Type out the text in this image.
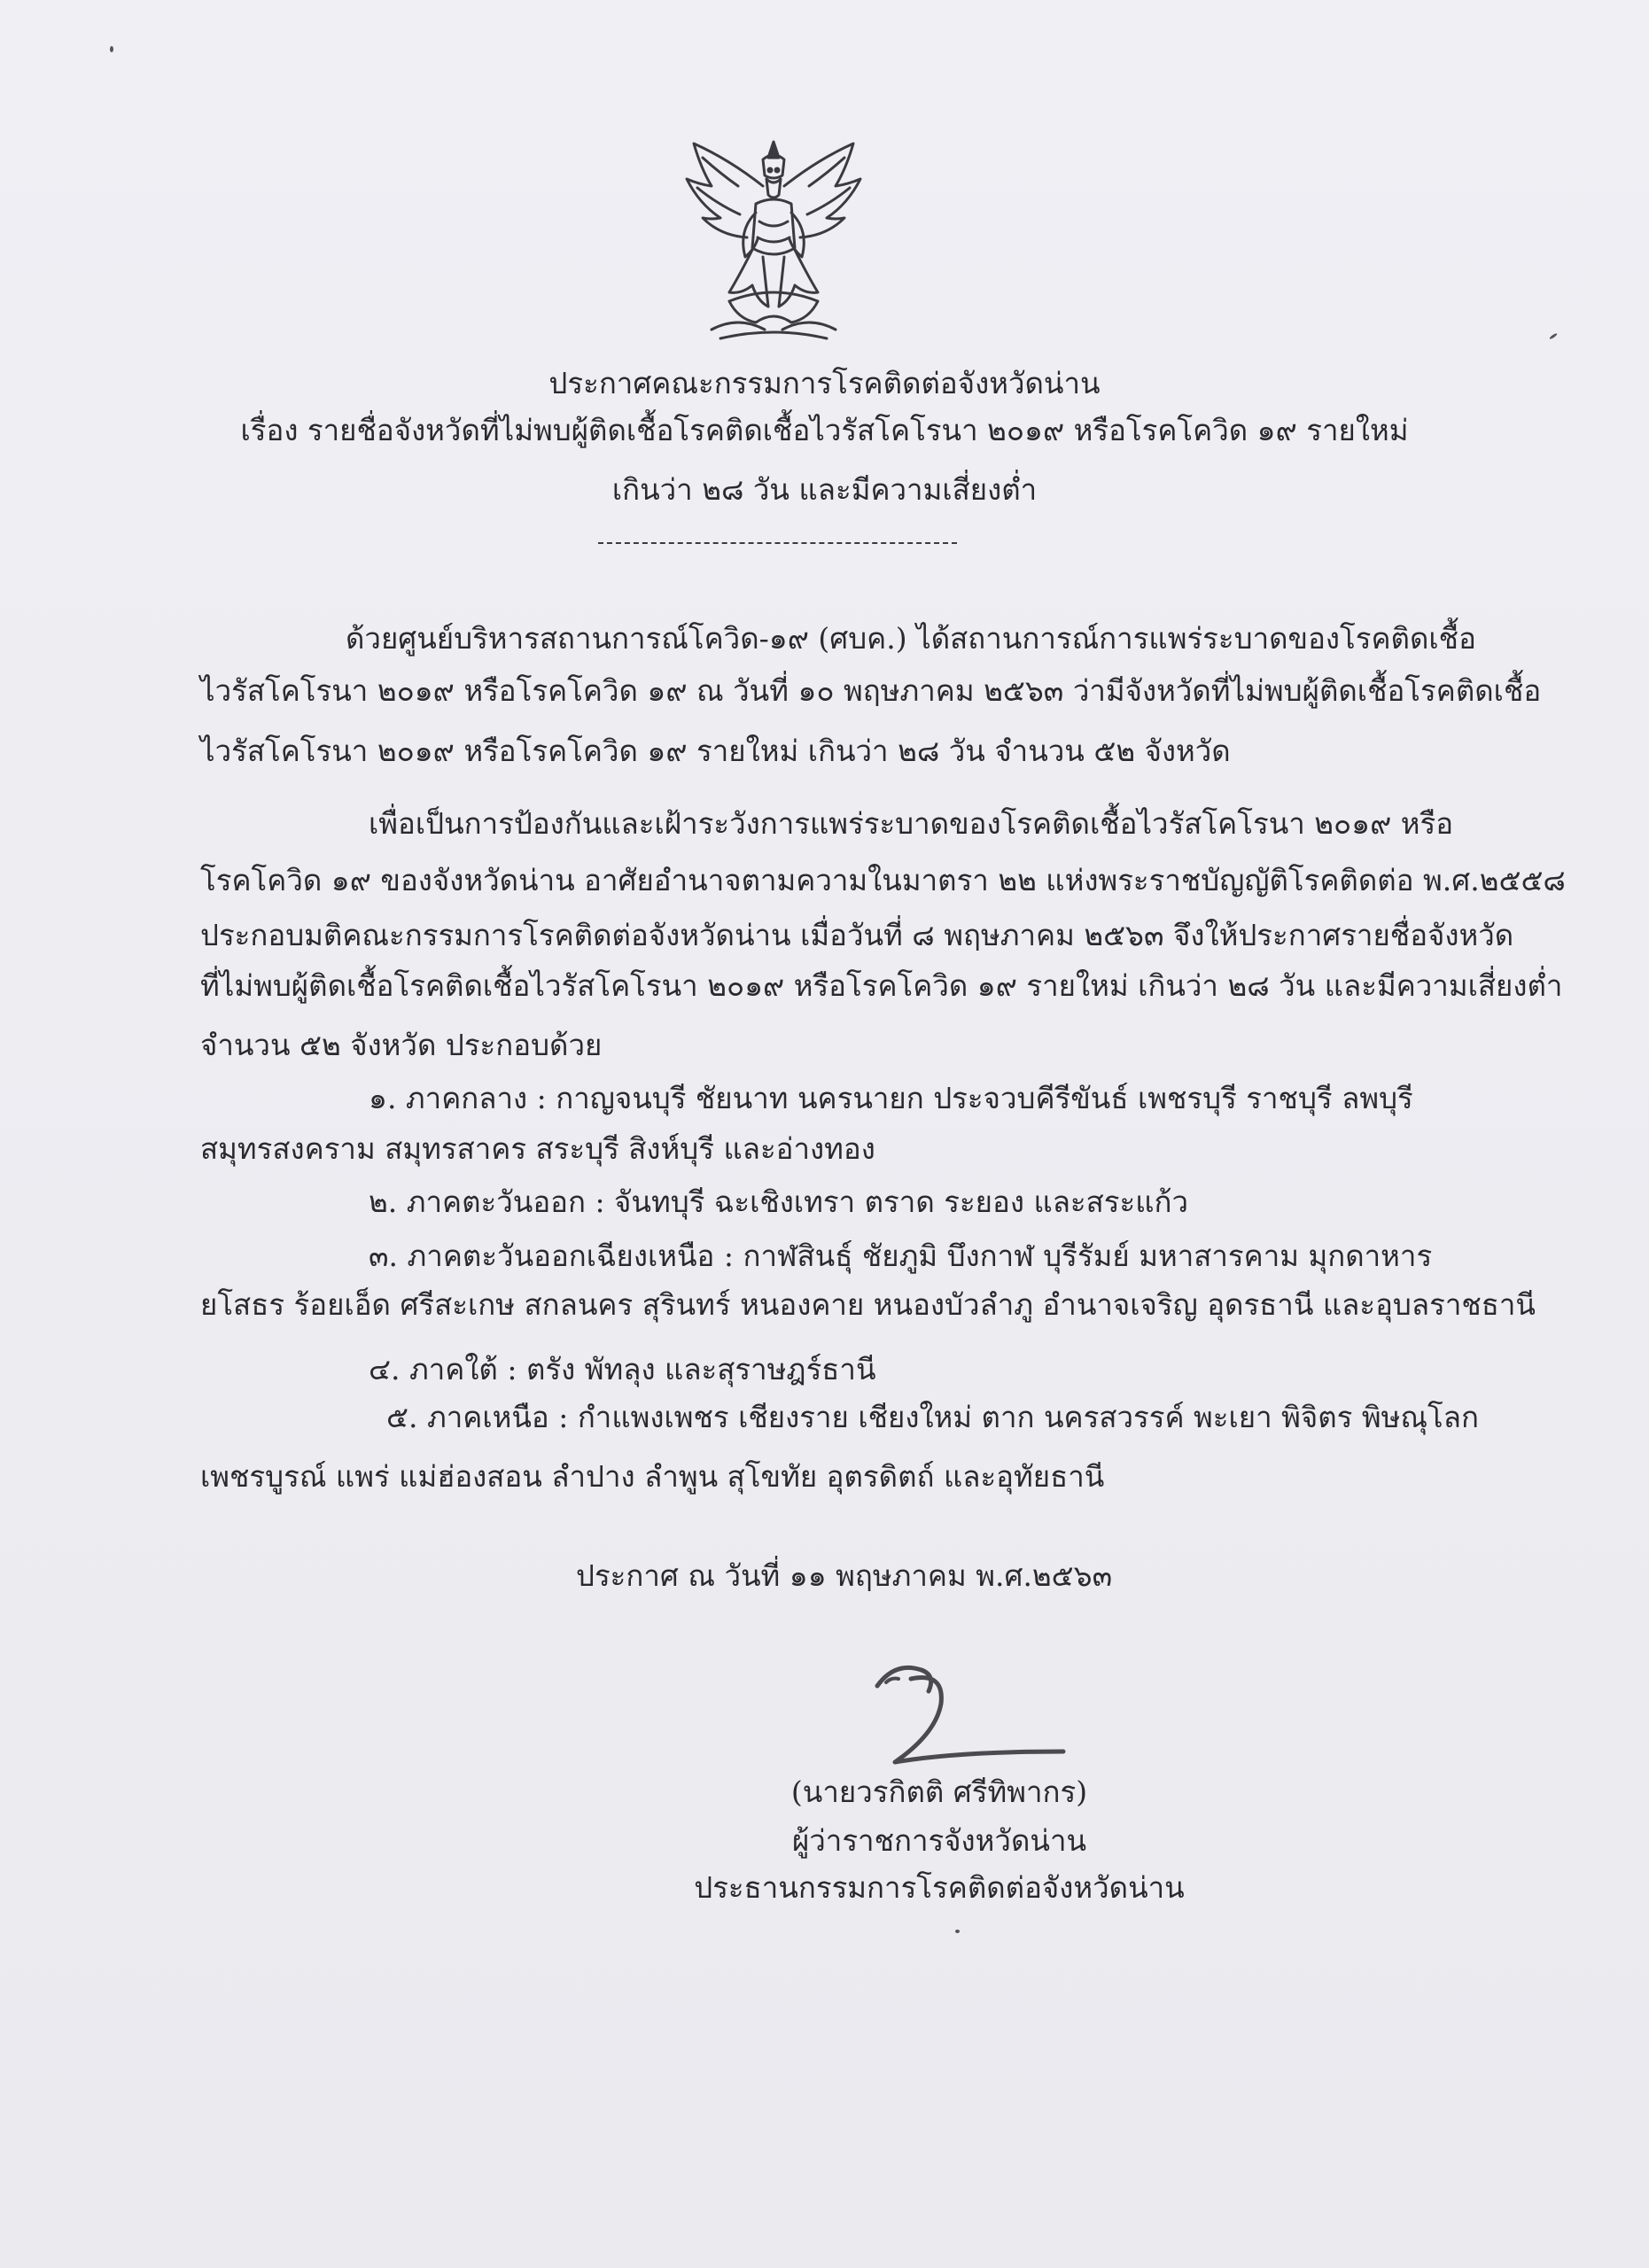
ประกาศคณะกรรมการโรคติดต่อจังหวัดน่าน
เรื่อง รายชื่อจังหวัดที่ไม่พบผู้ติดเชื้อโรคติดเชื้อไวรัสโคโรนา ๒๐๑๙ หรือโรคโควิด ๑๙ รายใหม่
เกินว่า ๒๘ วัน และมีความเสี่ยงต่ำ
ด้วยศูนย์บริหารสถานการณ์โควิด-๑๙ (ศบค.) ได้สถานการณ์การแพร่ระบาดของโรคติดเชื้อ
ไวรัสโคโรนา ๒๐๑๙ หรือโรคโควิด ๑๙ ณ วันที่ ๑๐ พฤษภาคม ๒๕๖๓ ว่ามีจังหวัดที่ไม่พบผู้ติดเชื้อโรคติดเชื้อ
ไวรัสโคโรนา ๒๐๑๙ หรือโรคโควิด ๑๙ รายใหม่ เกินว่า ๒๘ วัน จำนวน ๕๒ จังหวัด
เพื่อเป็นการป้องกันและเฝ้าระวังการแพร่ระบาดของโรคติดเชื้อไวรัสโคโรนา ๒๐๑๙ หรือ
โรคโควิด ๑๙ ของจังหวัดน่าน อาศัยอำนาจตามความในมาตรา ๒๒ แห่งพระราชบัญญัติโรคติดต่อ พ.ศ.๒๕๕๘
ประกอบมติคณะกรรมการโรคติดต่อจังหวัดน่าน เมื่อวันที่ ๘ พฤษภาคม ๒๕๖๓ จึงให้ประกาศรายชื่อจังหวัด
ที่ไม่พบผู้ติดเชื้อโรคติดเชื้อไวรัสโคโรนา ๒๐๑๙ หรือโรคโควิด ๑๙ รายใหม่ เกินว่า ๒๘ วัน และมีความเสี่ยงต่ำ
จำนวน ๕๒ จังหวัด ประกอบด้วย
๑. ภาคกลาง : กาญจนบุรี ชัยนาท นครนายก ประจวบคีรีขันธ์ เพชรบุรี ราชบุรี ลพบุรี
สมุทรสงคราม สมุทรสาคร สระบุรี สิงห์บุรี และอ่างทอง
๒. ภาคตะวันออก : จันทบุรี ฉะเชิงเทรา ตราด ระยอง และสระแก้ว
๓. ภาคตะวันออกเฉียงเหนือ : กาฬสินธุ์ ชัยภูมิ บึงกาฬ บุรีรัมย์ มหาสารคาม มุกดาหาร
ยโสธร ร้อยเอ็ด ศรีสะเกษ สกลนคร สุรินทร์ หนองคาย หนองบัวลำภู อำนาจเจริญ อุดรธานี และอุบลราชธานี
๔. ภาคใต้ : ตรัง พัทลุง และสุราษฎร์ธานี
๕. ภาคเหนือ : กำแพงเพชร เชียงราย เชียงใหม่ ตาก นครสวรรค์ พะเยา พิจิตร พิษณุโลก
เพชรบูรณ์ แพร่ แม่ฮ่องสอน ลำปาง ลำพูน สุโขทัย อุตรดิตถ์ และอุทัยธานี
ประกาศ ณ วันที่ ๑๑ พฤษภาคม พ.ศ.๒๕๖๓
(นายวรกิตติ ศรีทิพากร)
ผู้ว่าราชการจังหวัดน่าน
ประธานกรรมการโรคติดต่อจังหวัดน่าน
